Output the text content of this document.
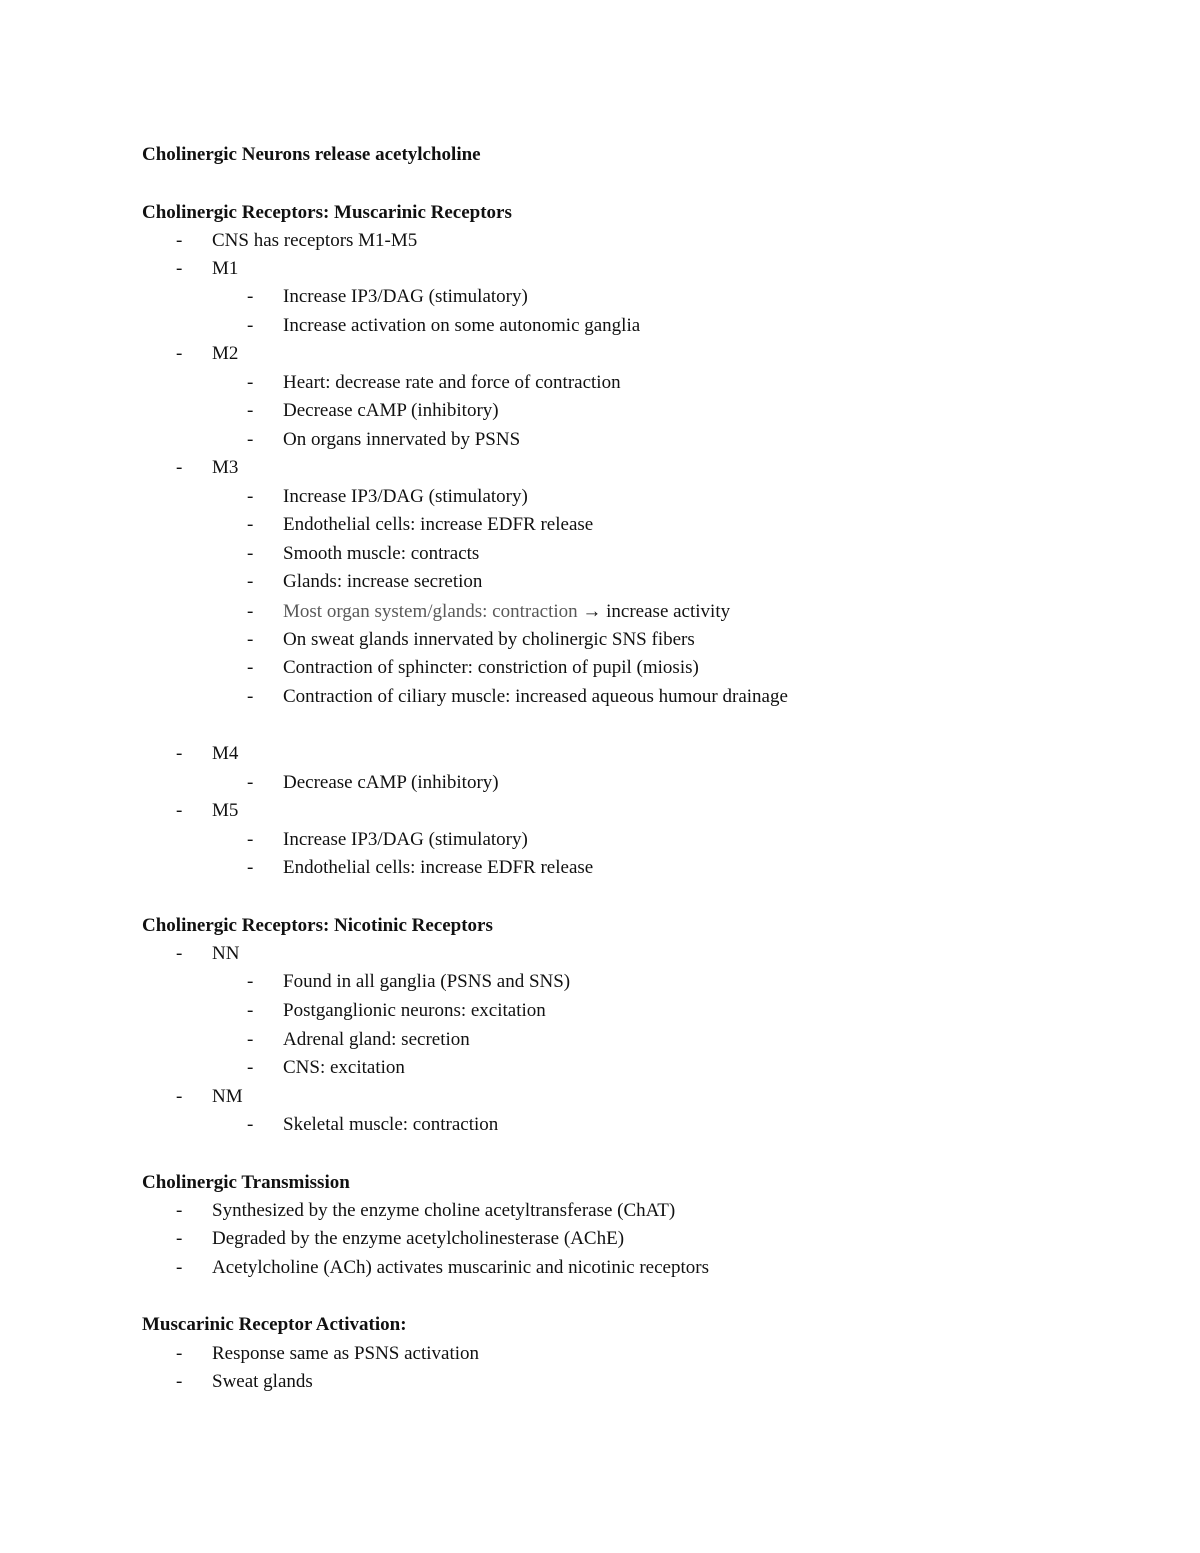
Cholinergic Neurons release acetylcholine
Cholinergic Receptors: Muscarinic Receptors
- CNS has receptors M1-M5
- M1
- Increase IP3/DAG (stimulatory)
- Increase activation on some autonomic ganglia
- M2
- Heart: decrease rate and force of contraction
- Decrease cAMP (inhibitory)
- On organs innervated by PSNS
- M3
- Increase IP3/DAG (stimulatory)
- Endothelial cells: increase EDFR release
- Smooth muscle: contracts
- Glands: increase secretion
- Most organ system/glands: contraction → increase activity
- On sweat glands innervated by cholinergic SNS fibers
- Contraction of sphincter: constriction of pupil (miosis)
- Contraction of ciliary muscle: increased aqueous humour drainage
- M4
- Decrease cAMP (inhibitory)
- M5
- Increase IP3/DAG (stimulatory)
- Endothelial cells: increase EDFR release
Cholinergic Receptors: Nicotinic Receptors
- NN
- Found in all ganglia (PSNS and SNS)
- Postganglionic neurons: excitation
- Adrenal gland: secretion
- CNS: excitation
- NM
- Skeletal muscle: contraction
Cholinergic Transmission
- Synthesized by the enzyme choline acetyltransferase (ChAT)
- Degraded by the enzyme acetylcholinesterase (AChE)
- Acetylcholine (ACh) activates muscarinic and nicotinic receptors
Muscarinic Receptor Activation:
- Response same as PSNS activation
- Sweat glands
